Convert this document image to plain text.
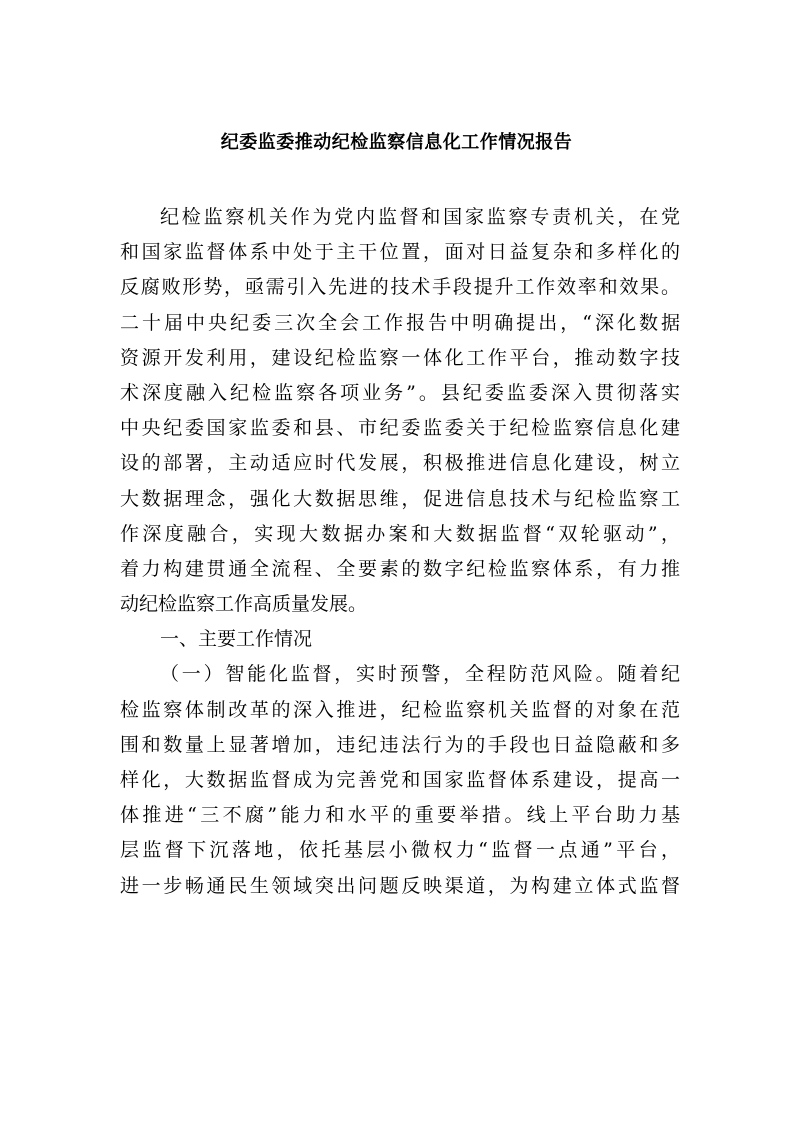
纪委监委推动纪检监察信息化工作情况报告
纪检监察机关作为党内监督和国家监察专责机关，在党
和国家监督体系中处于主干位置，面对日益复杂和多样化的
反腐败形势，亟需引入先进的技术手段提升工作效率和效果。
二十届中央纪委三次全会工作报告中明确提出，“深化数据
资源开发利用，建设纪检监察一体化工作平台，推动数字技
术深度融入纪检监察各项业务”。县纪委监委深入贯彻落实
中央纪委国家监委和县、市纪委监委关于纪检监察信息化建
设的部署，主动适应时代发展，积极推进信息化建设，树立
大数据理念，强化大数据思维，促进信息技术与纪检监察工
作深度融合，实现大数据办案和大数据监督“双轮驱动”，
着力构建贯通全流程、全要素的数字纪检监察体系，有力推
动纪检监察工作高质量发展。
一、主要工作情况
（一）智能化监督，实时预警，全程防范风险。随着纪
检监察体制改革的深入推进，纪检监察机关监督的对象在范
围和数量上显著增加，违纪违法行为的手段也日益隐蔽和多
样化，大数据监督成为完善党和国家监督体系建设，提高一
体推进“三不腐”能力和水平的重要举措。线上平台助力基
层监督下沉落地，依托基层小微权力“监督一点通”平台，
进一步畅通民生领域突出问题反映渠道，为构建立体式监督
